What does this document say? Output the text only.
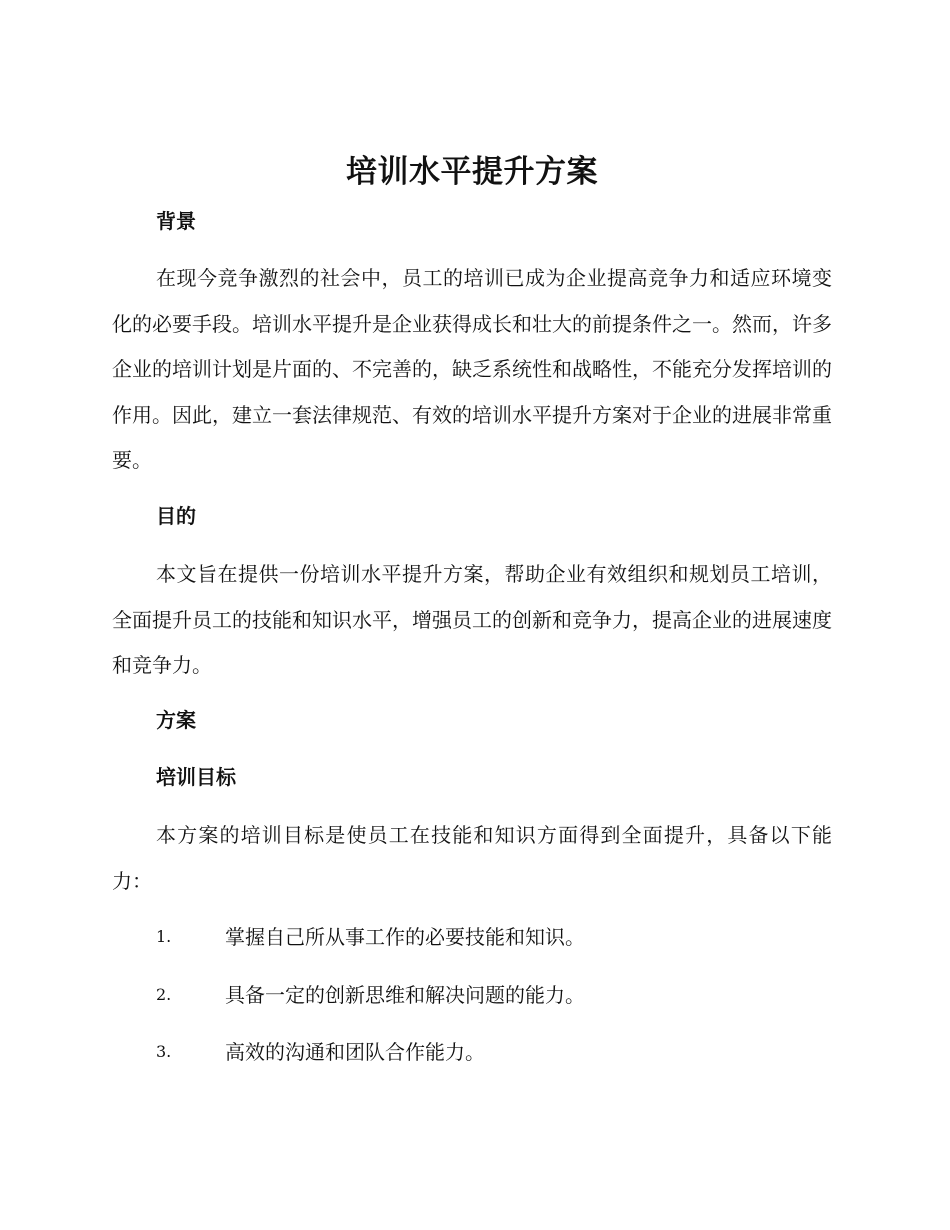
培训水平提升方案
背景

在现今竞争激烈的社会中，员工的培训已成为企业提高竞争力和适应环境变化的必要手段。培训水平提升是企业获得成长和壮大的前提条件之一。然而，许多企业的培训计划是片面的、不完善的，缺乏系统性和战略性，不能充分发挥培训的作用。因此，建立一套法律规范、有效的培训水平提升方案对于企业的进展非常重要。

目的

本文旨在提供一份培训水平提升方案，帮助企业有效组织和规划员工培训，全面提升员工的技能和知识水平，增强员工的创新和竞争力，提高企业的进展速度和竞争力。

方案
培训目标

本方案的培训目标是使员工在技能和知识方面得到全面提升，具备以下能力：

1.	掌握自己所从事工作的必要技能和知识。
2.	具备一定的创新思维和解决问题的能力。
3.	高效的沟通和团队合作能力。
